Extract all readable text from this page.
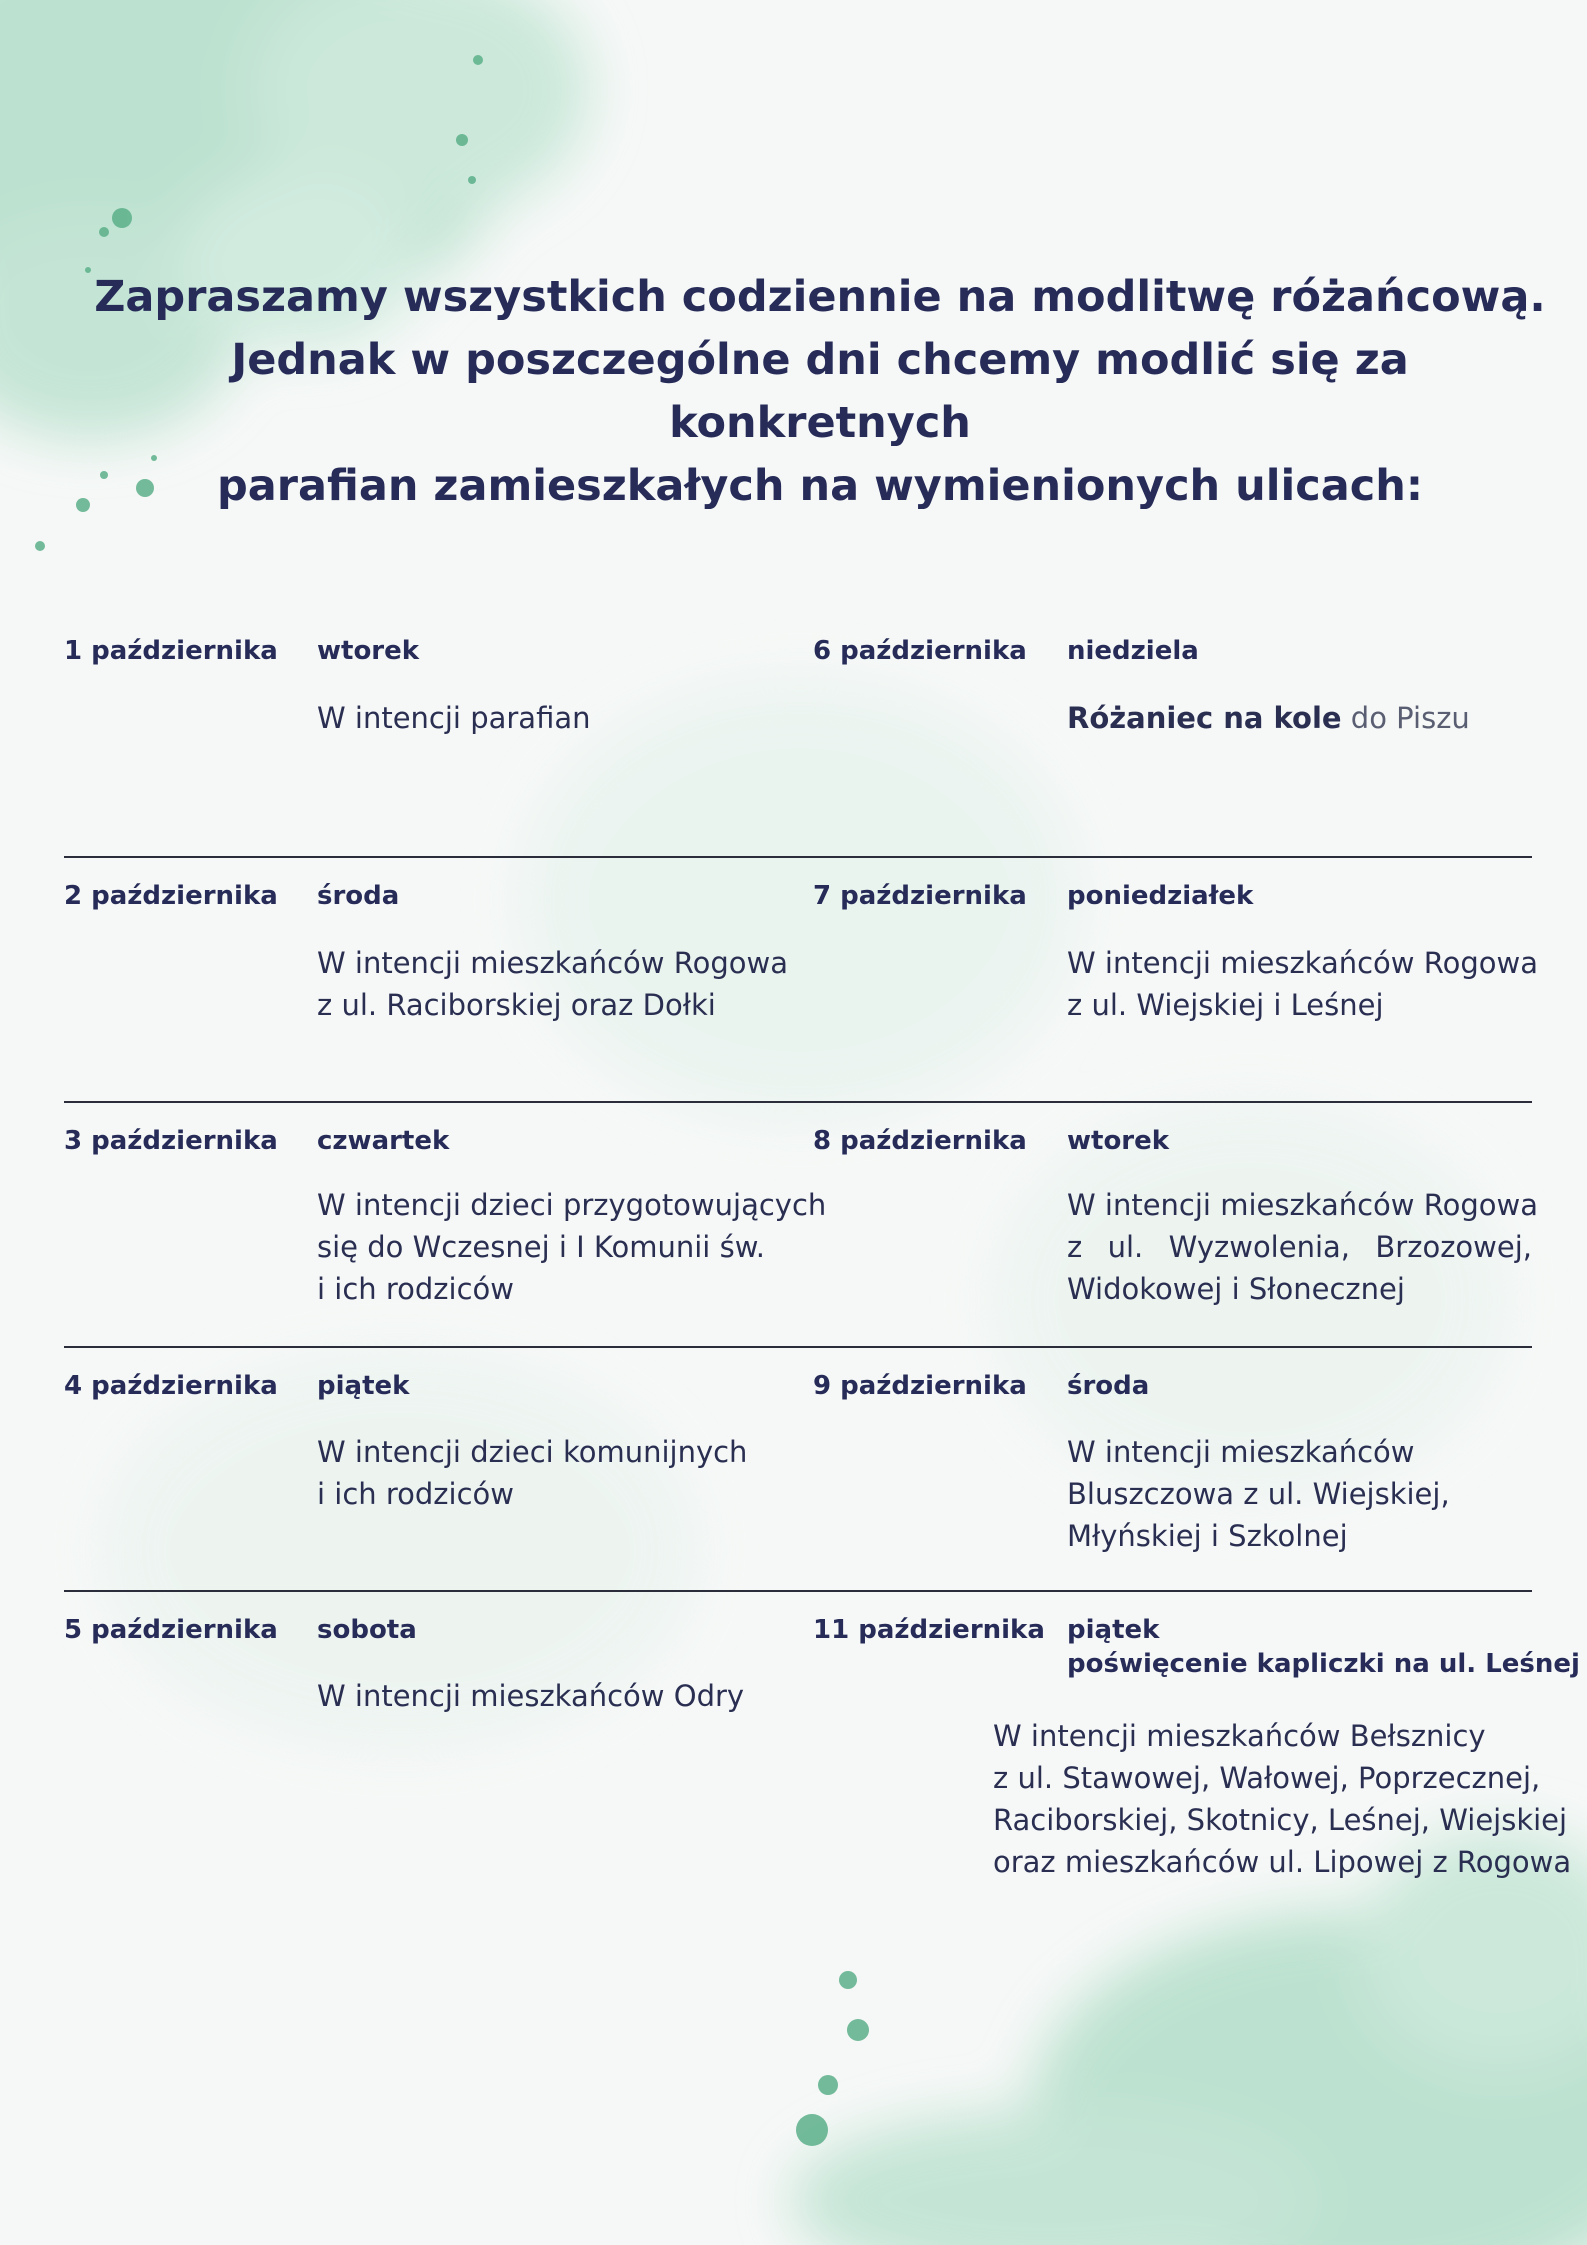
Zapraszamy wszystkich codziennie na modlitwę różańcową.
Jednak w poszczególne dni chcemy modlić się za konkretnych
parafian zamieszkałych na wymienionych ulicach:
1 października wtorek
W intencji parafian
6 października niedziela
Różaniec na kole do Piszu
2 października środa
W intencji mieszkańców Rogowa
z ul. Raciborskiej oraz Dołki
7 października poniedziałek
W intencji mieszkańców Rogowa
z ul. Wiejskiej i Leśnej
3 października czwartek
W intencji dzieci przygotowujących
się do Wczesnej i I Komunii św.
i ich rodziców
8 października wtorek
W intencji mieszkańców Rogowa
z ul. Wyzwolenia, Brzozowej,
Widokowej i Słonecznej
4 października piątek
W intencji dzieci komunijnych
i ich rodziców
9 października środa
W intencji mieszkańców
Bluszczowa z ul. Wiejskiej,
Młyńskiej i Szkolnej
5 października sobota
W intencji mieszkańców Odry
11 października piątek
poświęcenie kapliczki na ul. Leśnej
W intencji mieszkańców Bełsznicy
z ul. Stawowej, Wałowej, Poprzecznej,
Raciborskiej, Skotnicy, Leśnej, Wiejskiej
oraz mieszkańców ul. Lipowej z Rogowa
